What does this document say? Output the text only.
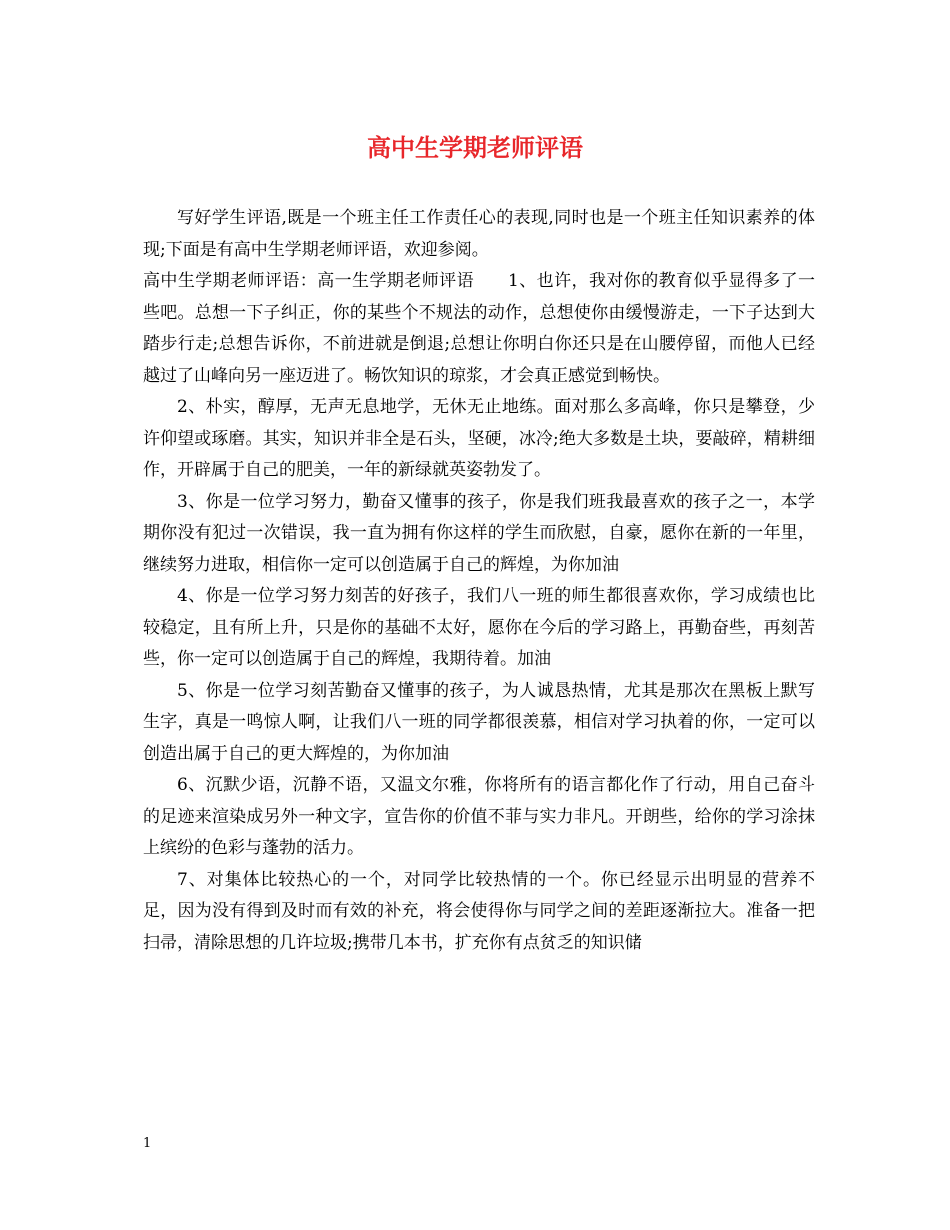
高中生学期老师评语

写好学生评语,既是一个班主任工作责任心的表现,同时也是一个班主任知识素养的体现;下面是有高中生学期老师评语，欢迎参阅。

高中生学期老师评语：高一生学期老师评语 1、也许，我对你的教育似乎显得多了一些吧。总想一下子纠正，你的某些个不规法的动作，总想使你由缓慢游走，一下子达到大踏步行走;总想告诉你，不前进就是倒退;总想让你明白你还只是在山腰停留，而他人已经越过了山峰向另一座迈进了。畅饮知识的琼浆，才会真正感觉到畅快。

2、朴实，醇厚，无声无息地学，无休无止地练。面对那么多高峰，你只是攀登，少许仰望或琢磨。其实，知识并非全是石头，坚硬，冰冷;绝大多数是土块，要敲碎，精耕细作，开辟属于自己的肥美，一年的新绿就英姿勃发了。

3、你是一位学习努力，勤奋又懂事的孩子，你是我们班我最喜欢的孩子之一，本学期你没有犯过一次错误，我一直为拥有你这样的学生而欣慰，自豪，愿你在新的一年里，继续努力进取，相信你一定可以创造属于自己的辉煌，为你加油

4、你是一位学习努力刻苦的好孩子，我们八一班的师生都很喜欢你，学习成绩也比较稳定，且有所上升，只是你的基础不太好，愿你在今后的学习路上，再勤奋些，再刻苦些，你一定可以创造属于自己的辉煌，我期待着。加油

5、你是一位学习刻苦勤奋又懂事的孩子，为人诚恳热情，尤其是那次在黑板上默写生字，真是一鸣惊人啊，让我们八一班的同学都很羡慕，相信对学习执着的你，一定可以创造出属于自己的更大辉煌的，为你加油

6、沉默少语，沉静不语，又温文尔雅，你将所有的语言都化作了行动，用自己奋斗的足迹来渲染成另外一种文字，宣告你的价值不菲与实力非凡。开朗些，给你的学习涂抹上缤纷的色彩与蓬勃的活力。

7、对集体比较热心的一个，对同学比较热情的一个。你已经显示出明显的营养不足，因为没有得到及时而有效的补充，将会使得你与同学之间的差距逐渐拉大。准备一把扫帚，清除思想的几许垃圾;携带几本书，扩充你有点贫乏的知识储

1
